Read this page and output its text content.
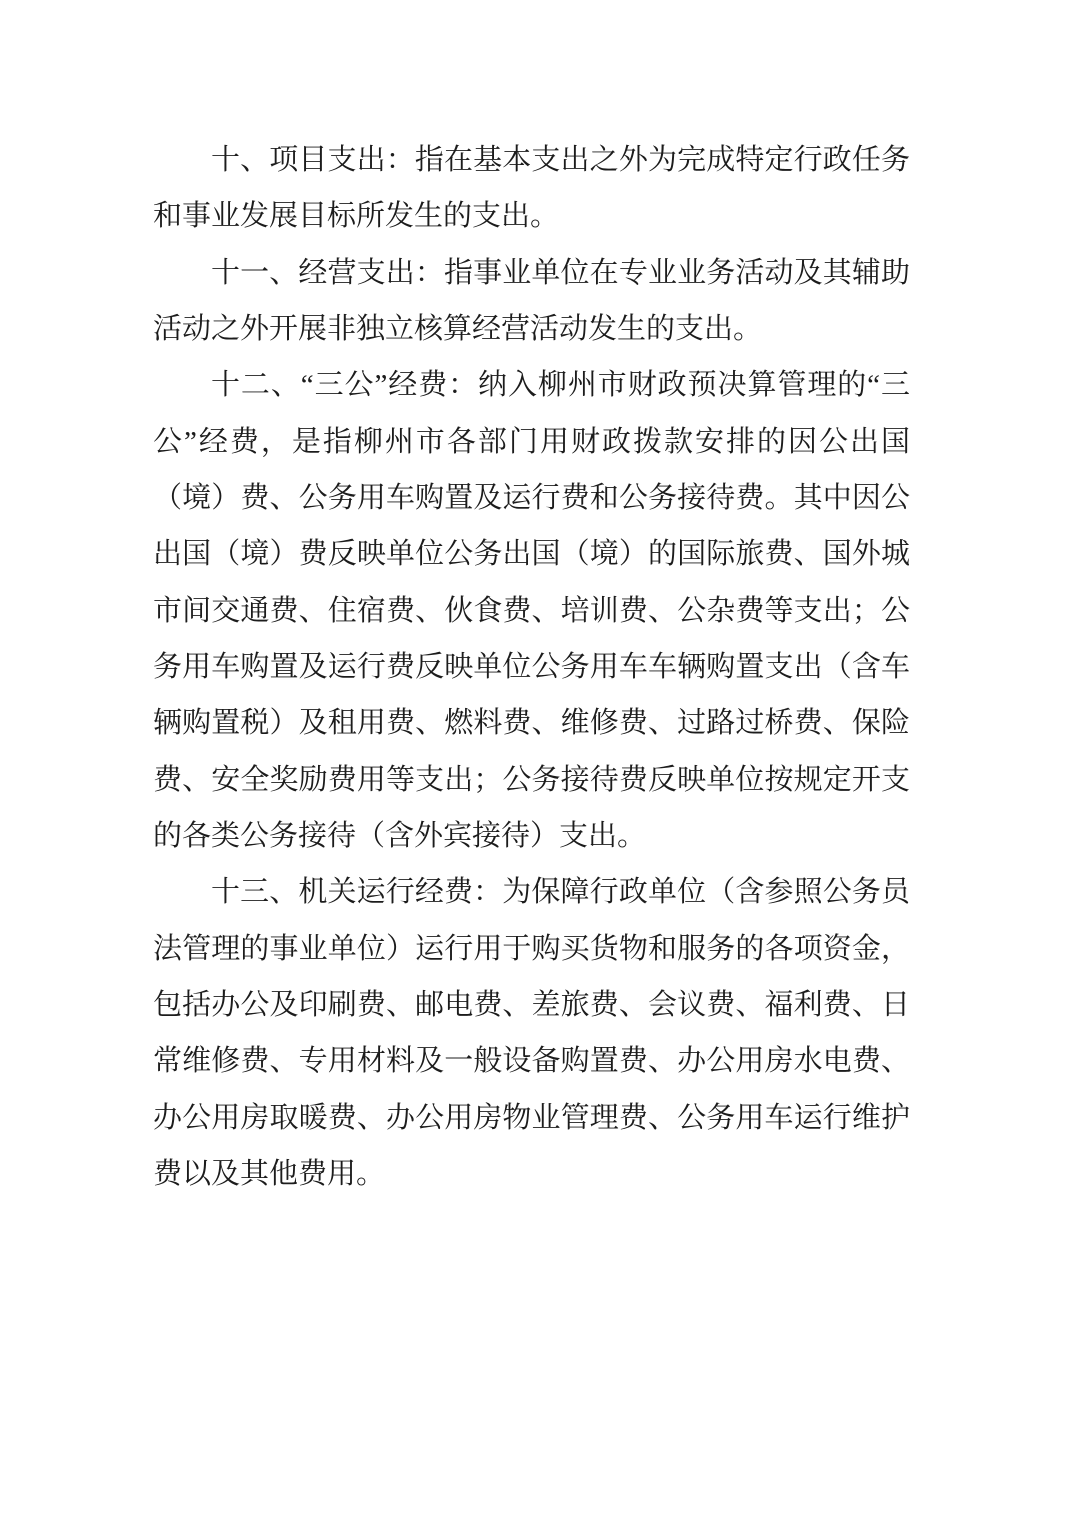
十、项目支出：指在基本支出之外为完成特定行政任务

和事业发展目标所发生的支出。

十一、经营支出：指事业单位在专业业务活动及其辅助

活动之外开展非独立核算经营活动发生的支出。

十二、“三公”经费：纳入柳州市财政预决算管理的“三

公”经费，是指柳州市各部门用财政拨款安排的因公出国

（境）费、公务用车购置及运行费和公务接待费。其中因公

出国（境）费反映单位公务出国（境）的国际旅费、国外城

市间交通费、住宿费、伙食费、培训费、公杂费等支出；公

务用车购置及运行费反映单位公务用车车辆购置支出（含车

辆购置税）及租用费、燃料费、维修费、过路过桥费、保险

费、安全奖励费用等支出；公务接待费反映单位按规定开支

的各类公务接待（含外宾接待）支出。

十三、机关运行经费：为保障行政单位（含参照公务员

法管理的事业单位）运行用于购买货物和服务的各项资金，

包括办公及印刷费、邮电费、差旅费、会议费、福利费、日

常维修费、专用材料及一般设备购置费、办公用房水电费、

办公用房取暖费、办公用房物业管理费、公务用车运行维护

费以及其他费用。
